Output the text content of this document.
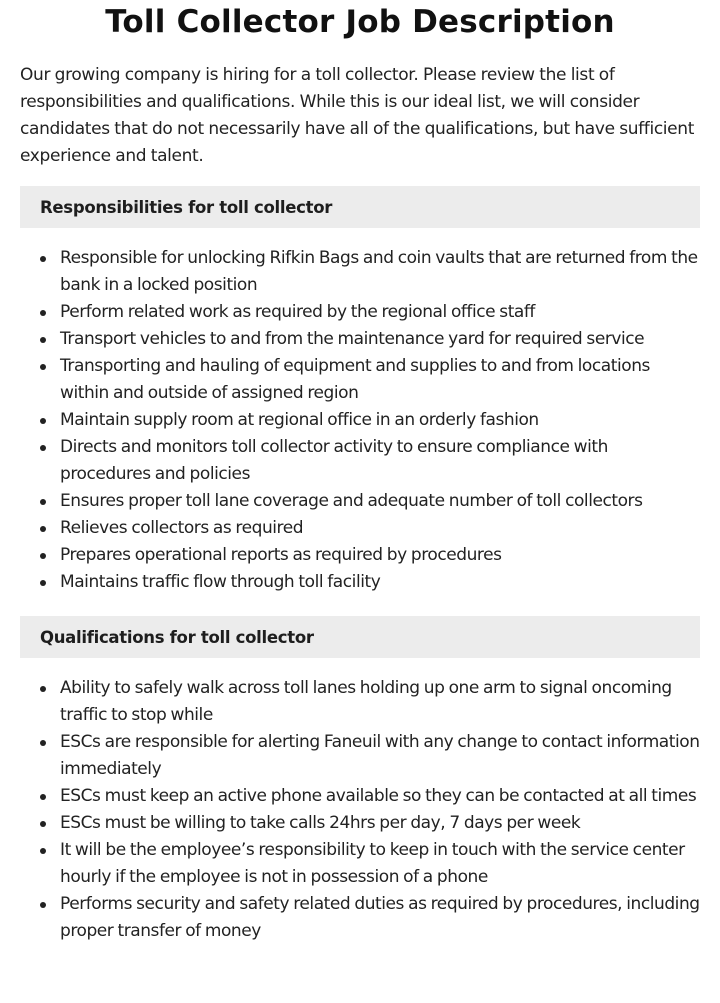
Toll Collector Job Description

Our growing company is hiring for a toll collector. Please review the list of responsibilities and qualifications. While this is our ideal list, we will consider candidates that do not necessarily have all of the qualifications, but have sufficient experience and talent.

Responsibilities for toll collector
Responsible for unlocking Rifkin Bags and coin vaults that are returned from the bank in a locked position
Perform related work as required by the regional office staff
Transport vehicles to and from the maintenance yard for required service
Transporting and hauling of equipment and supplies to and from locations within and outside of assigned region
Maintain supply room at regional office in an orderly fashion
Directs and monitors toll collector activity to ensure compliance with procedures and policies
Ensures proper toll lane coverage and adequate number of toll collectors
Relieves collectors as required
Prepares operational reports as required by procedures
Maintains traffic flow through toll facility
Qualifications for toll collector
Ability to safely walk across toll lanes holding up one arm to signal oncoming traffic to stop while
ESCs are responsible for alerting Faneuil with any change to contact information immediately
ESCs must keep an active phone available so they can be contacted at all times
ESCs must be willing to take calls 24hrs per day, 7 days per week
It will be the employee’s responsibility to keep in touch with the service center hourly if the employee is not in possession of a phone
Performs security and safety related duties as required by procedures, including proper transfer of money
